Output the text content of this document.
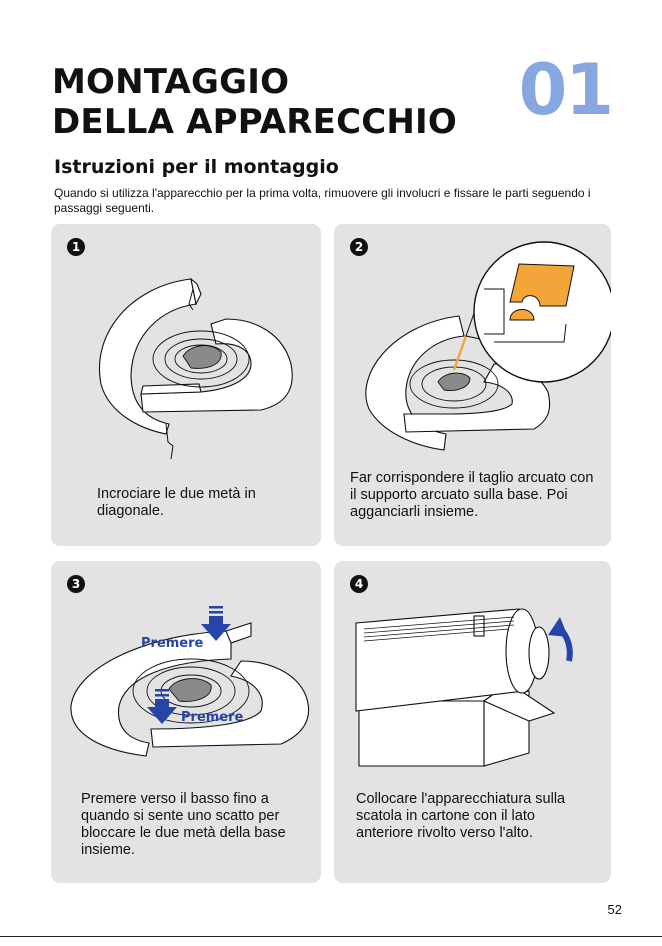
MONTAGGIO
DELLA APPARECCHIO 01
Istruzioni per il montaggio

Quando si utilizza l'apparecchio per la prima volta, rimuovere gli involucri e fissare le parti seguendo i passaggi seguenti.

1

Incrociare le due metà in diagonale.

2

Far corrispondere il taglio arcuato con il supporto arcuato sulla base. Poi agganciarli insieme.

3
Premere
Premere

Premere verso il basso fino a quando si sente uno scatto per bloccare le due metà della base insieme.

4

Collocare l'apparecchiatura sulla scatola in cartone con il lato anteriore rivolto verso l'alto.

52
